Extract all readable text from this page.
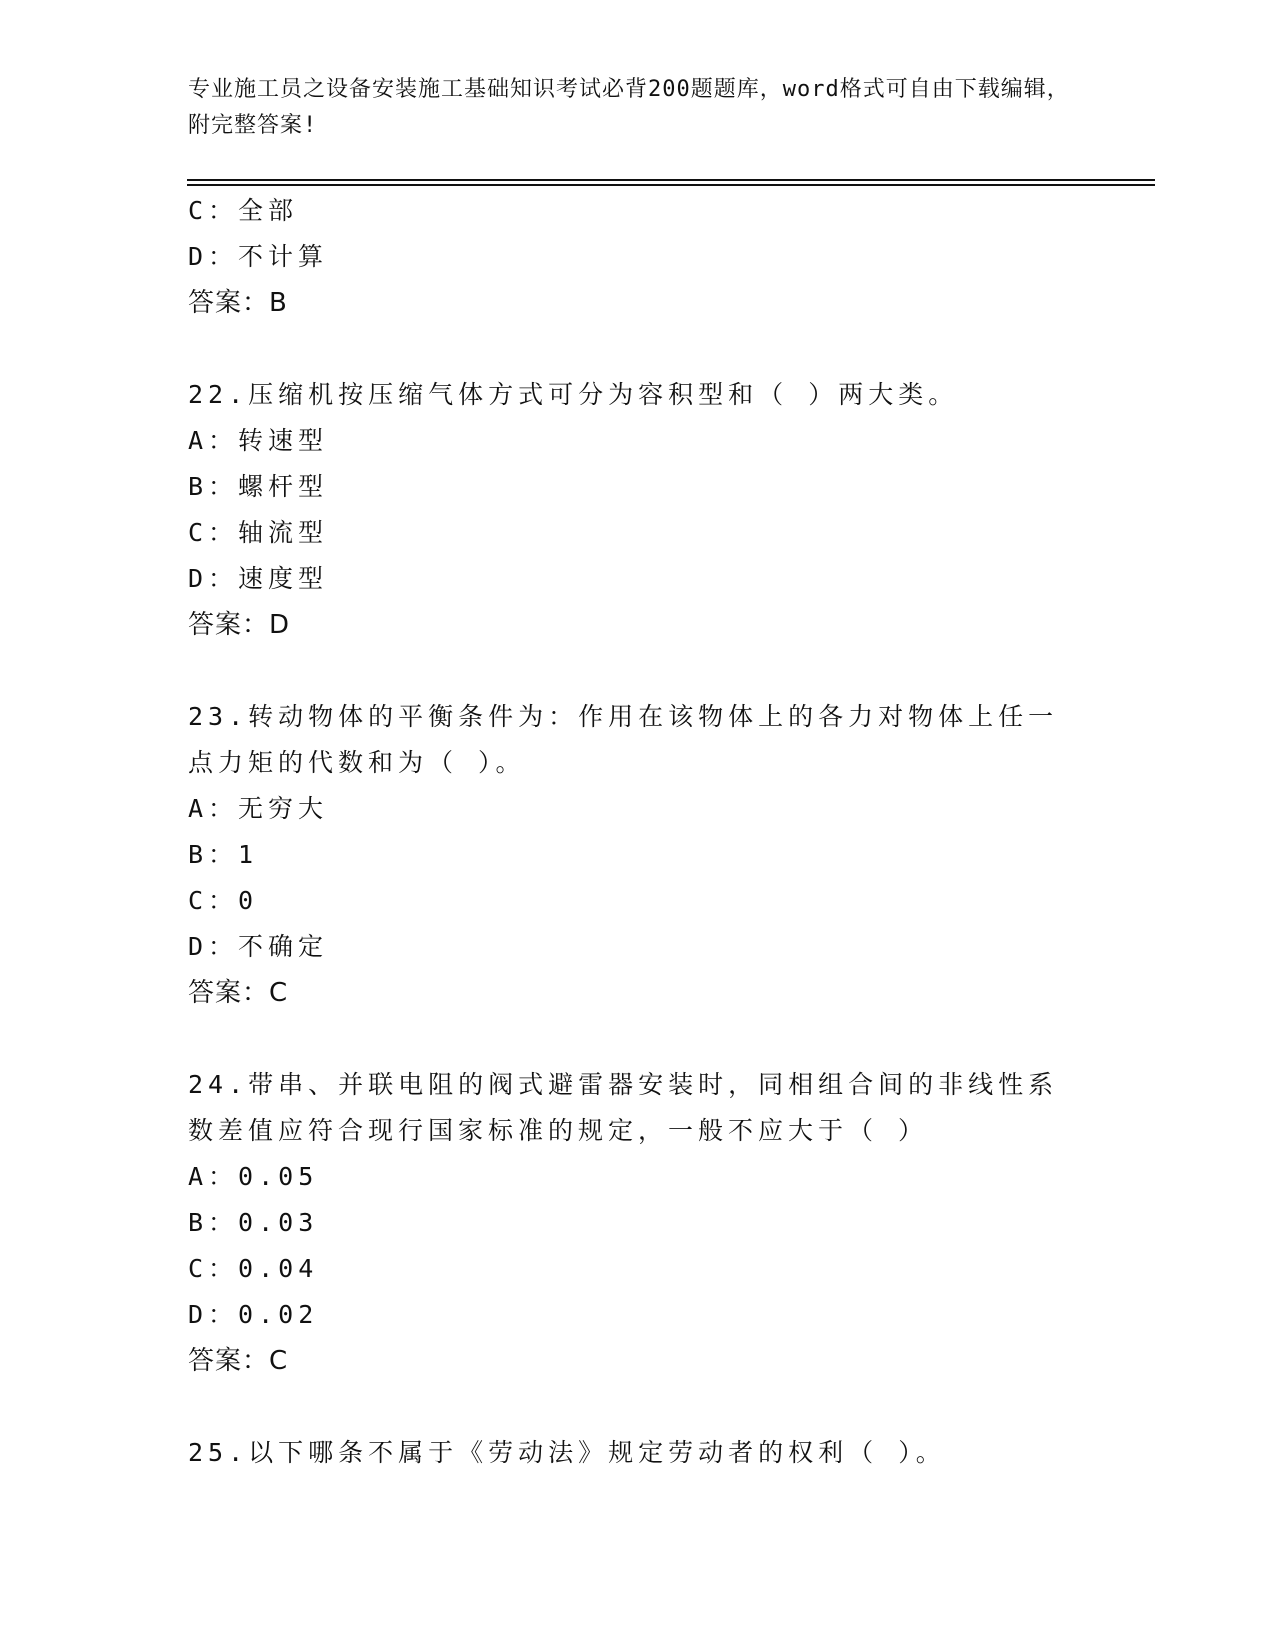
专业施工员之设备安装施工基础知识考试必背200题题库，word格式可自由下载编辑，附完整答案!
C：全部
D：不计算
答案：B
22.压缩机按压缩气体方式可分为容积型和（ ）两大类。
A：转速型
B：螺杆型
C：轴流型
D：速度型
答案：D
23.转动物体的平衡条件为：作用在该物体上的各力对物体上任一点力矩的代数和为（ ）。
A：无穷大
B：1
C：0
D：不确定
答案：C
24.带串、并联电阻的阀式避雷器安装时，同相组合间的非线性系数差值应符合现行国家标准的规定，一般不应大于（ ）
A：0.05
B：0.03
C：0.04
D：0.02
答案：C
25.以下哪条不属于《劳动法》规定劳动者的权利（ ）。
